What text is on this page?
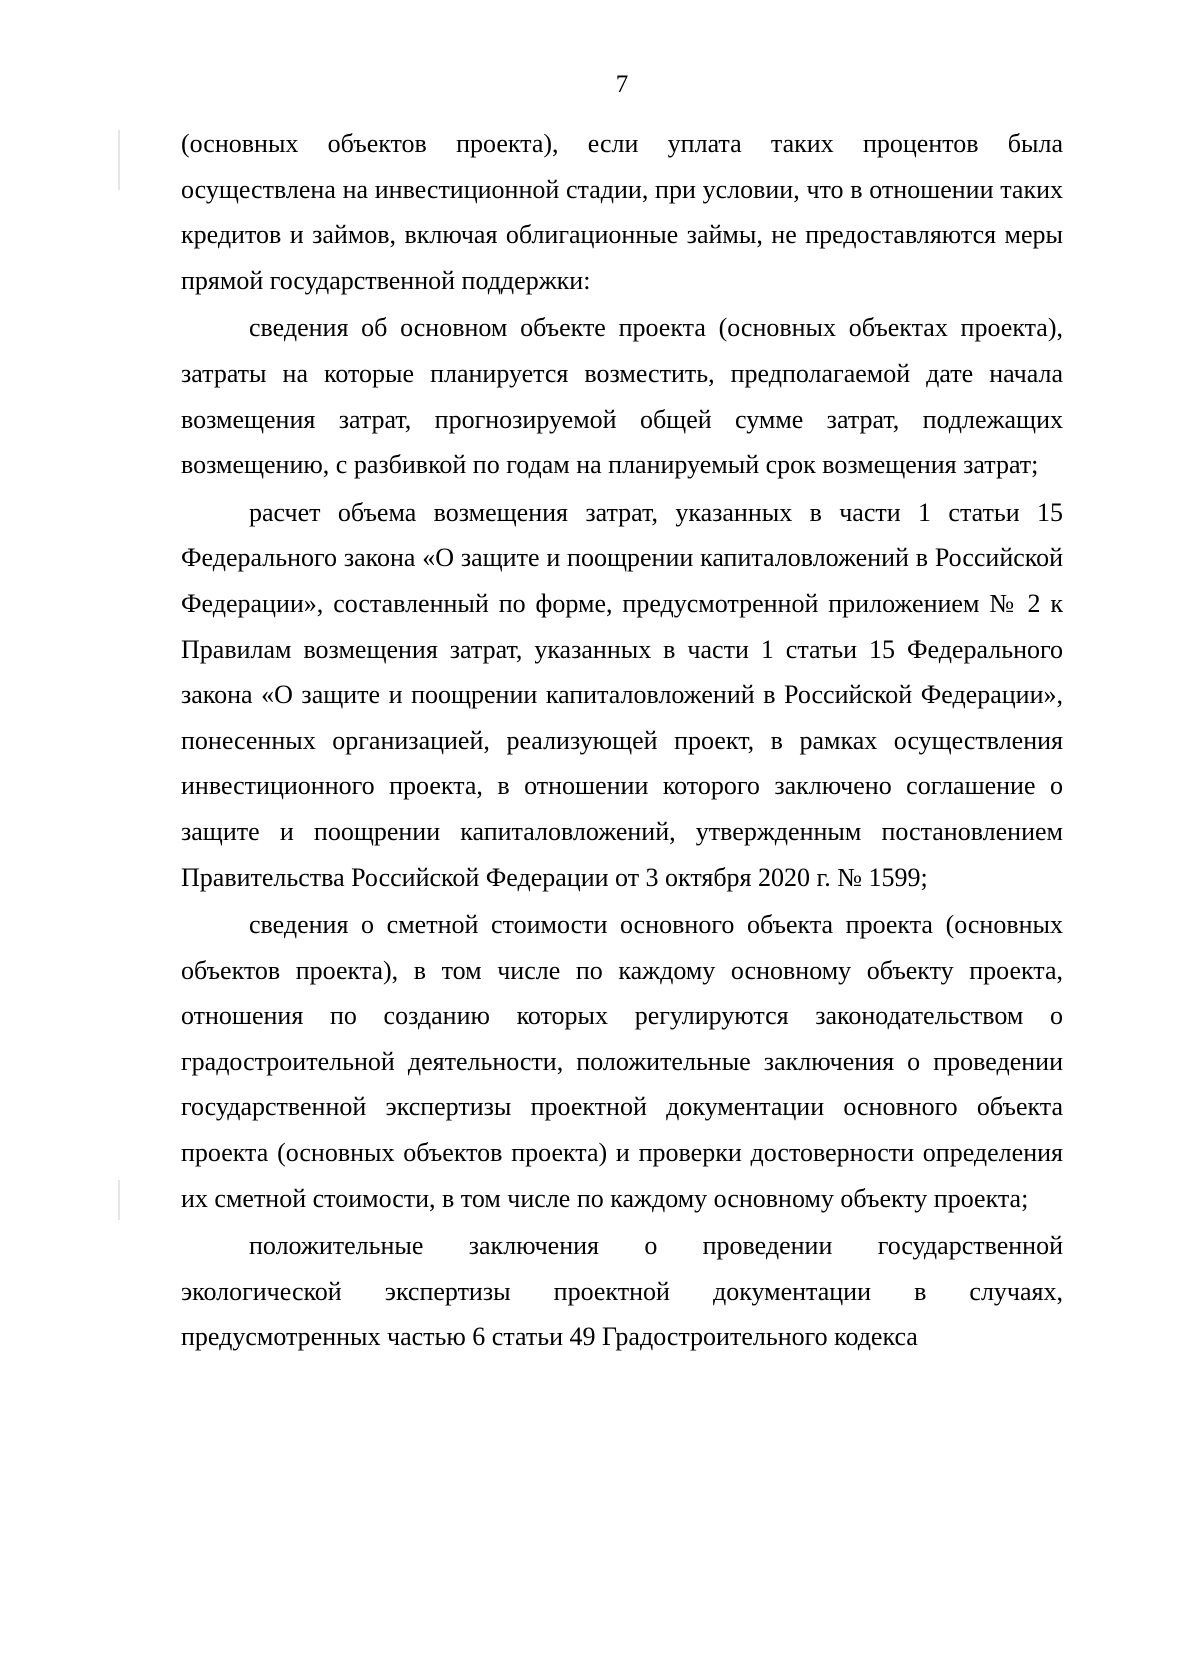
7

(основных объектов проекта), если уплата таких процентов была осуществлена на инвестиционной стадии, при условии, что в отношении таких кредитов и займов, включая облигационные займы, не предоставляются меры прямой государственной поддержки:

сведения об основном объекте проекта (основных объектах проекта), затраты на которые планируется возместить, предполагаемой дате начала возмещения затрат, прогнозируемой общей сумме затрат, подлежащих возмещению, с разбивкой по годам на планируемый срок возмещения затрат;

расчет объема возмещения затрат, указанных в части 1 статьи 15 Федерального закона «О защите и поощрении капиталовложений в Российской Федерации», составленный по форме, предусмотренной приложением № 2 к Правилам возмещения затрат, указанных в части 1 статьи 15 Федерального закона «О защите и поощрении капиталовложений в Российской Федерации», понесенных организацией, реализующей проект, в рамках осуществления инвестиционного проекта, в отношении которого заключено соглашение о защите и поощрении капиталовложений, утвержденным постановлением Правительства Российской Федерации от 3 октября 2020 г. № 1599;

сведения о сметной стоимости основного объекта проекта (основных объектов проекта), в том числе по каждому основному объекту проекта, отношения по созданию которых регулируются законодательством о градостроительной деятельности, положительные заключения о проведении государственной экспертизы проектной документации основного объекта проекта (основных объектов проекта) и проверки достоверности определения их сметной стоимости, в том числе по каждому основному объекту проекта;

положительные заключения о проведении государственной экологической экспертизы проектной документации в случаях, предусмотренных частью 6 статьи 49 Градостроительного кодекса
